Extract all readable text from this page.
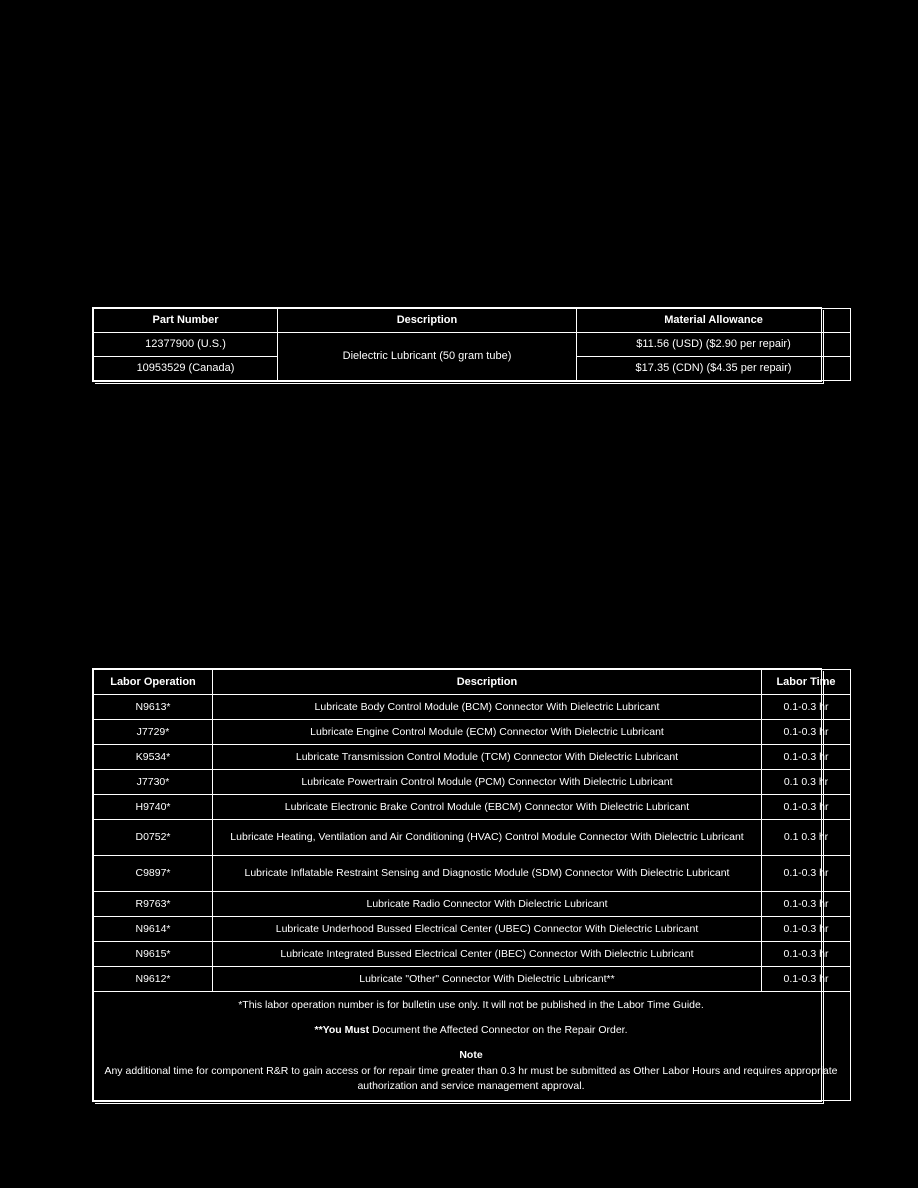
Part Number	Description	Material Allowance
12377900 (U.S.)	Dielectric Lubricant (50 gram tube)	$11.56 (USD) ($2.90 per repair)
10953529 (Canada)		$17.35 (CDN) ($4.35 per repair)
Labor Operation	Description	Labor Time
N9613*	Lubricate Body Control Module (BCM) Connector With Dielectric Lubricant	0.1-0.3 hr
J7729*	Lubricate Engine Control Module (ECM) Connector With Dielectric Lubricant	0.1-0.3 hr
K9534*	Lubricate Transmission Control Module (TCM) Connector With Dielectric Lubricant	0.1-0.3 hr
J7730*	Lubricate Powertrain Control Module (PCM) Connector With Dielectric Lubricant	0.1 0.3 hr
H9740*	Lubricate Electronic Brake Control Module (EBCM) Connector With Dielectric Lubricant	0.1-0.3 hr
D0752*	Lubricate Heating, Ventilation and Air Conditioning (HVAC) Control Module Connector With Dielectric Lubricant	0.1 0.3 hr
C9897*	Lubricate Inflatable Restraint Sensing and Diagnostic Module (SDM) Connector With Dielectric Lubricant	0.1-0.3 hr
R9763*	Lubricate Radio Connector With Dielectric Lubricant	0.1-0.3 hr
N9614*	Lubricate Underhood Bussed Electrical Center (UBEC) Connector With Dielectric Lubricant	0.1-0.3 hr
N9615*	Lubricate Integrated Bussed Electrical Center (IBEC) Connector With Dielectric Lubricant	0.1-0.3 hr
N9612*	Lubricate "Other" Connector With Dielectric Lubricant**	0.1-0.3 hr

*This labor operation number is for bulletin use only. It will not be published in the Labor Time Guide.

**You Must Document the Affected Connector on the Repair Order.

Note
Any additional time for component R&R to gain access or for repair time greater than 0.3 hr must be submitted as Other Labor Hours and requires appropriate authorization and service management approval.		
